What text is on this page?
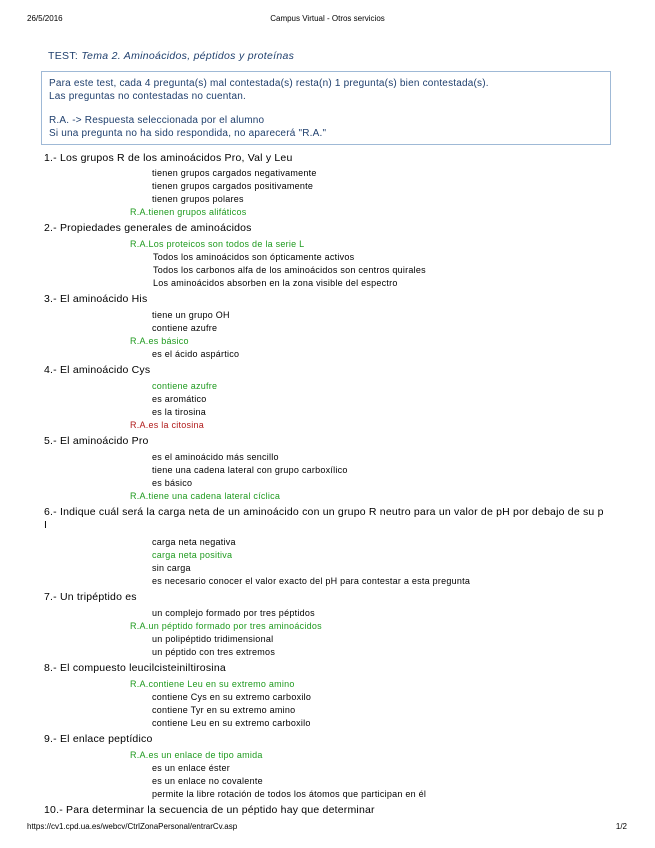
26/5/2016	Campus Virtual - Otros servicios
TEST: Tema 2. Aminoácidos, péptidos y proteínas
Para este test, cada 4 pregunta(s) mal contestada(s) resta(n) 1 pregunta(s) bien contestada(s).
Las preguntas no contestadas no cuentan.
R.A. -> Respuesta seleccionada por el alumno
Si una pregunta no ha sido respondida, no aparecerá "R.A."
1.- Los grupos R de los aminoácidos Pro, Val y Leu
tienen grupos cargados negativamente
tienen grupos cargados positivamente
tienen grupos polares
R.A.tienen grupos alifáticos
2.- Propiedades generales de aminoácidos
R.A.Los proteicos son todos de la serie L
Todos los aminoácidos son ópticamente activos
Todos los carbonos alfa de los aminoácidos son centros quirales
Los aminoácidos absorben en la zona visible del espectro
3.- El aminoácido His
tiene un grupo OH
contiene azufre
R.A.es básico
es el ácido aspártico
4.- El aminoácido Cys
contiene azufre
es aromático
es la tirosina
R.A.es la citosina
5.- El aminoácido Pro
es el aminoácido más sencillo
tiene una cadena lateral con grupo carboxílico
es básico
R.A.tiene una cadena lateral cíclica
6.- Indique cuál será la carga neta de un aminoácido con un grupo R neutro para un valor de pH por debajo de su p I
carga neta negativa
carga neta positiva
sin carga
es necesario conocer el valor exacto del pH para contestar a esta pregunta
7.- Un tripéptido es
un complejo formado por tres péptidos
R.A.un péptido formado por tres aminoácidos
un polipéptido tridimensional
un péptido con tres extremos
8.- El compuesto leucilcisteiniltirosina
R.A.contiene Leu en su extremo amino
contiene Cys en su extremo carboxilo
contiene Tyr en su extremo amino
contiene Leu en su extremo carboxilo
9.- El enlace peptídico
R.A.es un enlace de tipo amida
es un enlace éster
es un enlace no covalente
permite la libre rotación de todos los átomos que participan en él
10.- Para determinar la secuencia de un péptido hay que determinar
https://cv1.cpd.ua.es/webcv/CtrlZonaPersonal/entrarCv.asp	1/2
